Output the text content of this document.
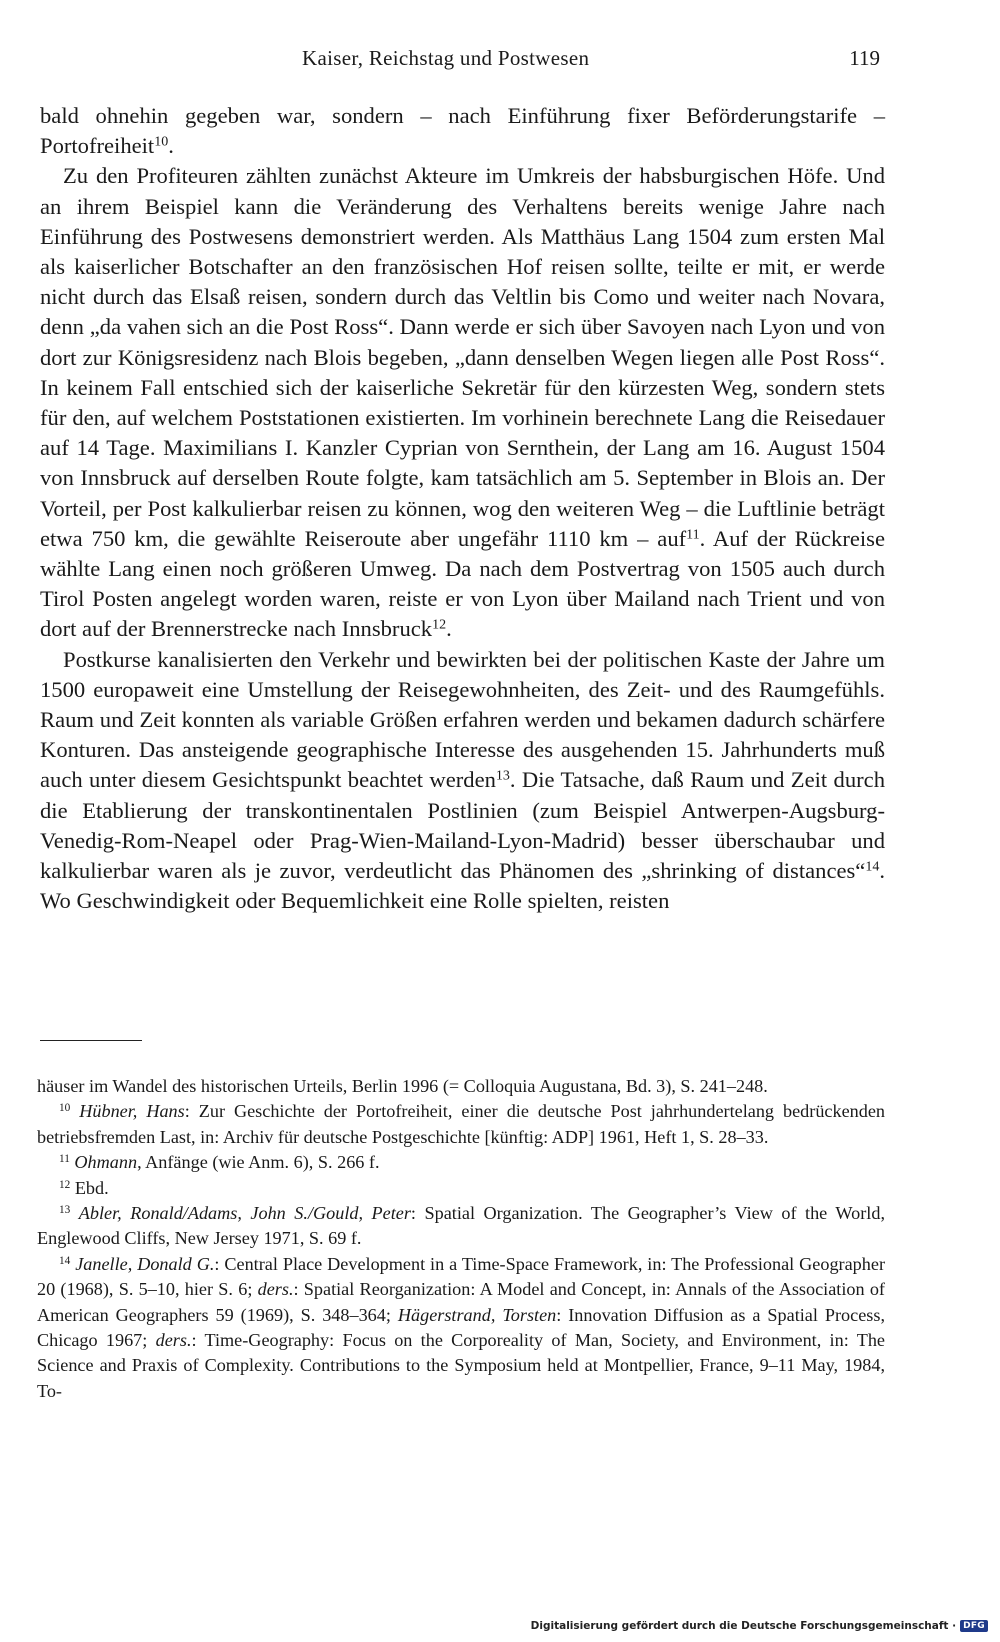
Kaiser, Reichstag und Postwesen	119

bald ohnehin gegeben war, sondern – nach Einführung fixer Beförderungstarife – Portofreiheit$^{10}$.

Zu den Profiteuren zählten zunächst Akteure im Umkreis der habsburgischen Höfe. Und an ihrem Beispiel kann die Veränderung des Verhaltens bereits wenige Jahre nach Einführung des Postwesens demonstriert werden. Als Matthäus Lang 1504 zum ersten Mal als kaiserlicher Botschafter an den französischen Hof reisen sollte, teilte er mit, er werde nicht durch das Elsaß reisen, sondern durch das Veltlin bis Como und weiter nach Novara, denn „da vahen sich an die Post Ross“. Dann werde er sich über Savoyen nach Lyon und von dort zur Königsresidenz nach Blois begeben, „dann denselben Wegen liegen alle Post Ross“. In keinem Fall entschied sich der kaiserliche Sekretär für den kürzesten Weg, sondern stets für den, auf welchem Poststationen existierten. Im vorhinein berechnete Lang die Reisedauer auf 14 Tage. Maximilians I. Kanzler Cyprian von Sernthein, der Lang am 16. August 1504 von Innsbruck auf derselben Route folgte, kam tatsächlich am 5. September in Blois an. Der Vorteil, per Post kalkulierbar reisen zu können, wog den weiteren Weg – die Luftlinie beträgt etwa 750 km, die gewählte Reiseroute aber ungefähr 1110 km – auf$^{11}$. Auf der Rückreise wählte Lang einen noch größeren Umweg. Da nach dem Postvertrag von 1505 auch durch Tirol Posten angelegt worden waren, reiste er von Lyon über Mailand nach Trient und von dort auf der Brennerstrecke nach Innsbruck$^{12}$.

Postkurse kanalisierten den Verkehr und bewirkten bei der politischen Kaste der Jahre um 1500 europaweit eine Umstellung der Reisegewohnheiten, des Zeit- und des Raumgefühls. Raum und Zeit konnten als variable Größen erfahren werden und bekamen dadurch schärfere Konturen. Das ansteigende geographische Interesse des ausgehenden 15. Jahrhunderts muß auch unter diesem Gesichtspunkt beachtet werden$^{13}$. Die Tatsache, daß Raum und Zeit durch die Etablierung der transkontinentalen Postlinien (zum Beispiel Antwerpen-Augsburg-Venedig-Rom-Neapel oder Prag-Wien-Mailand-Lyon-Madrid) besser überschaubar und kalkulierbar waren als je zuvor, verdeutlicht das Phänomen des „shrinking of distances“$^{14}$. Wo Geschwindigkeit oder Bequemlichkeit eine Rolle spielten, reisten

häuser im Wandel des historischen Urteils, Berlin 1996 (= Colloquia Augustana, Bd. 3), S. 241–248.

$^{10}$ Hübner, Hans: Zur Geschichte der Portofreiheit, einer die deutsche Post jahrhundertelang bedrückenden betriebsfremden Last, in: Archiv für deutsche Postgeschichte [künftig: ADP] 1961, Heft 1, S. 28–33.

$^{11}$ Ohmann, Anfänge (wie Anm. 6), S. 266 f.

$^{12}$ Ebd.

$^{13}$ Abler, Ronald/Adams, John S./Gould, Peter: Spatial Organization. The Geographer’s View of the World, Englewood Cliffs, New Jersey 1971, S. 69 f.

$^{14}$ Janelle, Donald G.: Central Place Development in a Time-Space Framework, in: The Professional Geographer 20 (1968), S. 5–10, hier S. 6; ders.: Spatial Reorganization: A Model and Concept, in: Annals of the Association of American Geographers 59 (1969), S. 348–364; Hägerstrand, Torsten: Innovation Diffusion as a Spatial Process, Chicago 1967; ders.: Time-Geography: Focus on the Corporeality of Man, Society, and Environment, in: The Science and Praxis of Complexity. Contributions to the Symposium held at Montpellier, France, 9–11 May, 1984, To-

Digitalisierung gefördert durch die Deutsche Forschungsgemeinschaft · DFG
